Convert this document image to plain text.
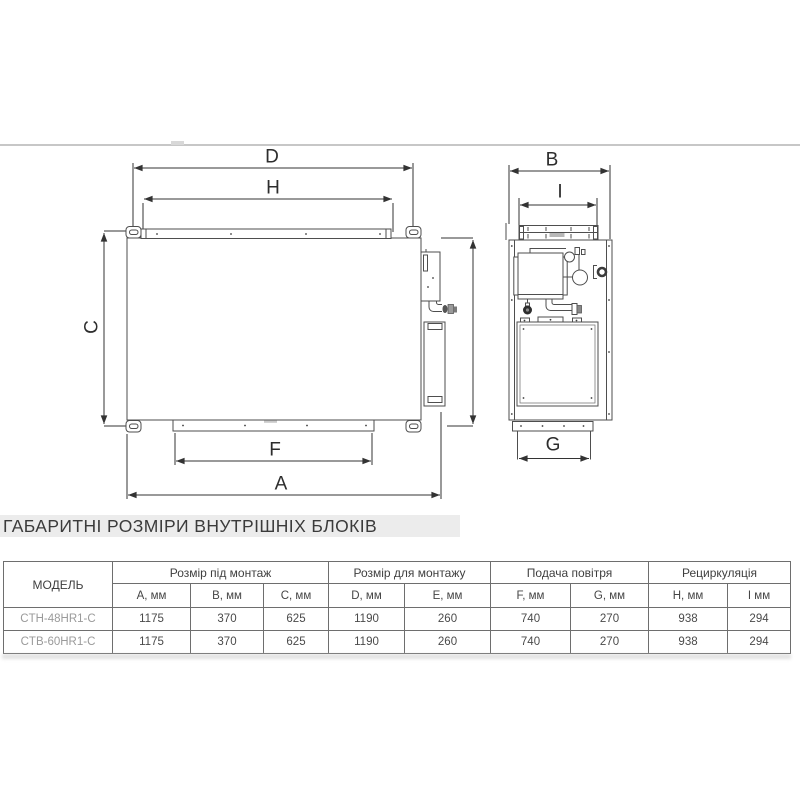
D
H
C
F
A
B
I
G
ГАБАРИТНІ РОЗМІРИ ВНУТРІШНІХ БЛОКІВ
МОДЕЛЬ	Розмір під монтаж			Розмір для монтажу		Подача повітря		Рециркуляція	
	A, мм	B, мм	C, мм	D, мм	E, мм	F, мм	G, мм	H, мм	I мм
CTH-48HR1-C	1175	370	625	1190	260	740	270	938	294
CTB-60HR1-C	1175	370	625	1190	260	740	270	938	294
